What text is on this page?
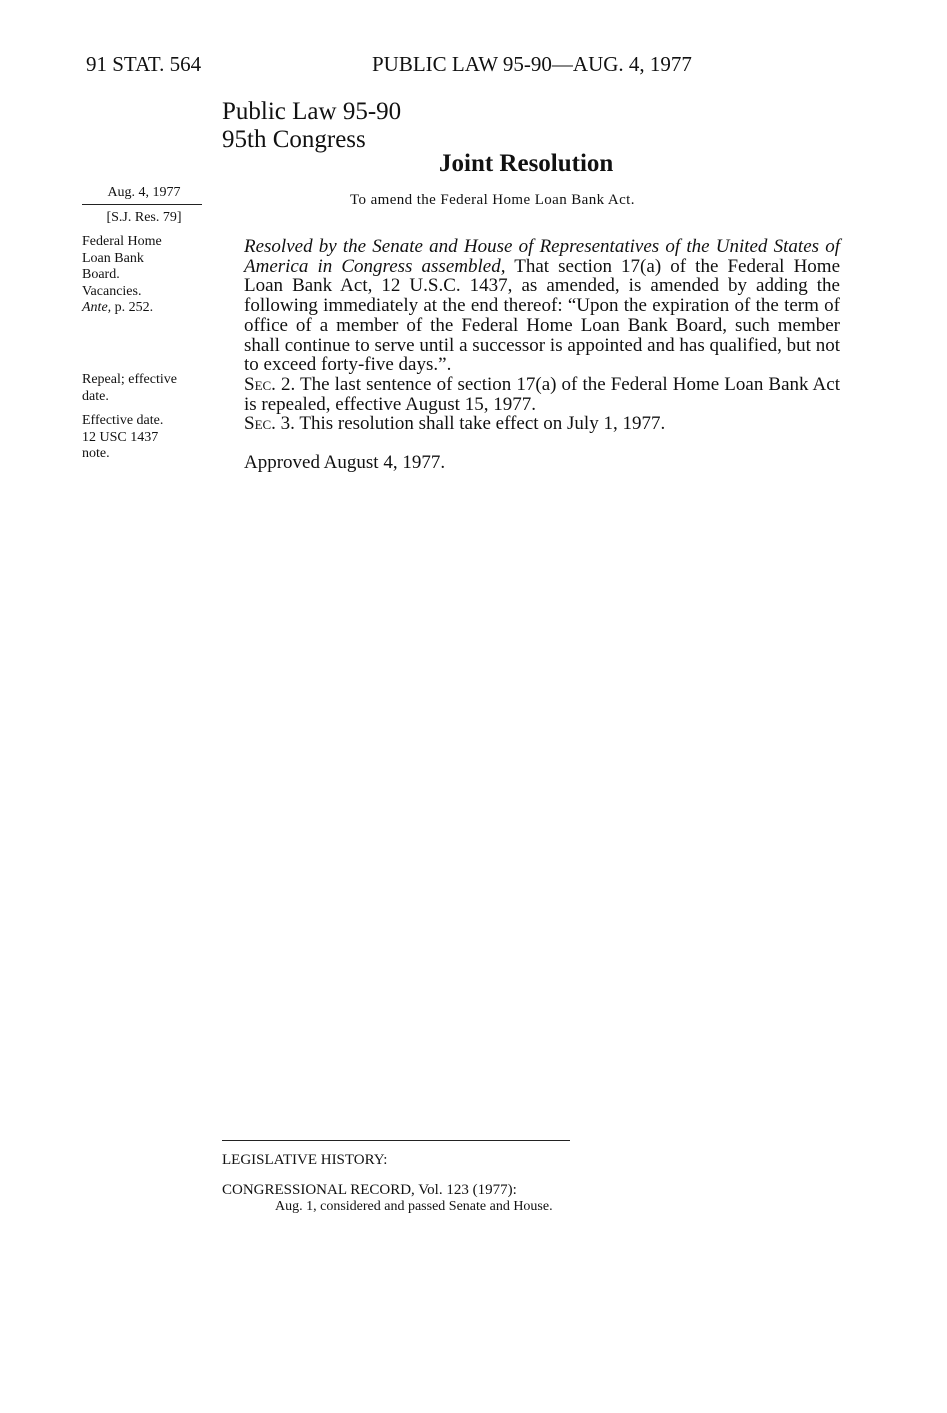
91 STAT. 564	PUBLIC LAW 95-90—AUG. 4, 1977
Public Law 95-90
95th Congress
Joint Resolution
To amend the Federal Home Loan Bank Act.
Aug. 4, 1977
[S.J. Res. 79]
Federal Home
Loan Bank
Board.
Vacancies.
Ante, p. 252.
Repeal; effective
date.
Effective date.
12 USC 1437
note.

Resolved by the Senate and House of Representatives of the United States of America in Congress assembled, That section 17(a) of the Federal Home Loan Bank Act, 12 U.S.C. 1437, as amended, is amended by adding the following immediately at the end thereof: “Upon the expiration of the term of office of a member of the Federal Home Loan Bank Board, such member shall continue to serve until a successor is appointed and has qualified, but not to exceed forty-five days.”.

Sec. 2. The last sentence of section 17(a) of the Federal Home Loan Bank Act is repealed, effective August 15, 1977.

Sec. 3. This resolution shall take effect on July 1, 1977.

Approved August 4, 1977.
LEGISLATIVE HISTORY:
CONGRESSIONAL RECORD, Vol. 123 (1977):
Aug. 1, considered and passed Senate and House.
